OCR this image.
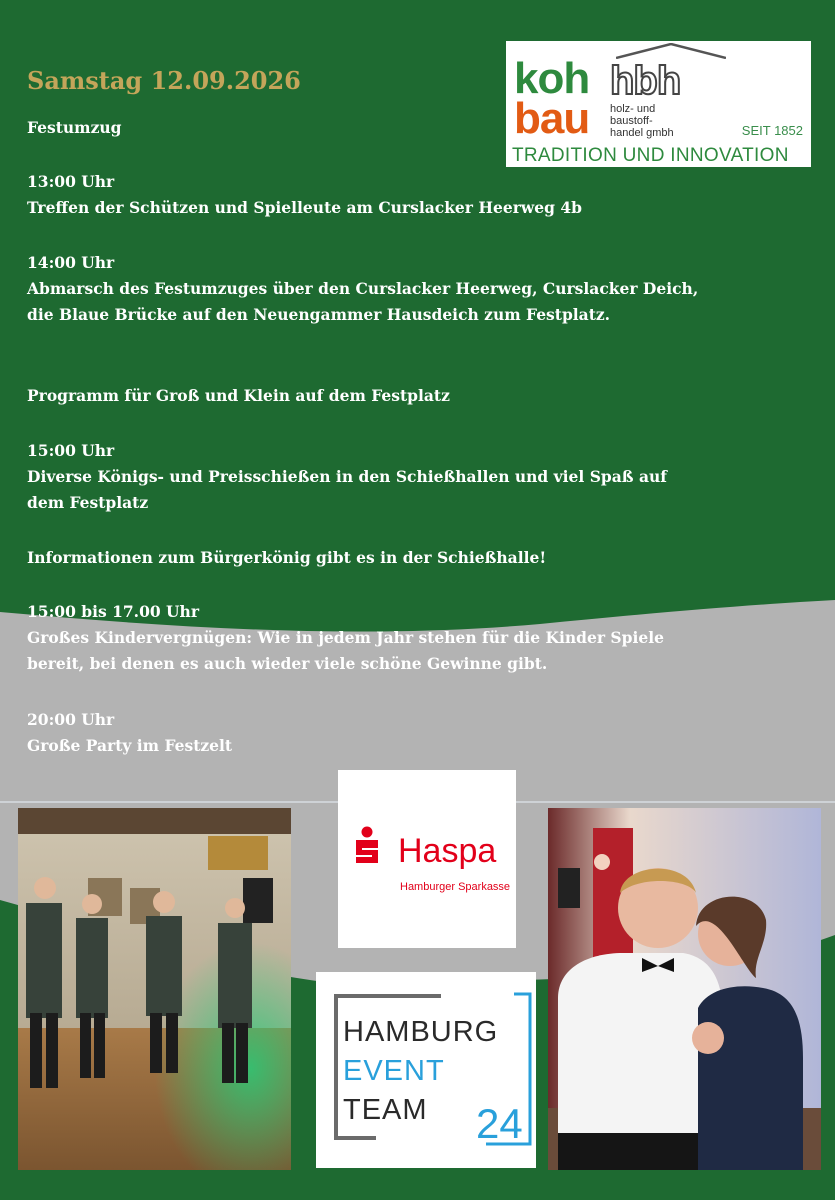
Samstag 12.09.2026
Festumzug
13:00 Uhr
Treffen der Schützen und Spielleute am Curslacker Heerweg 4b
14:00 Uhr
Abmarsch des Festumzuges über den Curslacker Heerweg, Curslacker Deich,
die Blaue Brücke auf den Neuengammer Hausdeich zum Festplatz.
Programm für Groß und Klein auf dem Festplatz
15:00 Uhr
Diverse Königs- und Preisschießen in den Schießhallen und viel Spaß auf
dem Festplatz
Informationen zum Bürgerkönig gibt es in der Schießhalle!
15:00 bis 17.00 Uhr
Großes Kindervergnügen: Wie in jedem Jahr stehen für die Kinder Spiele
bereit, bei denen es auch wieder viele schöne Gewinne gibt.
20:00 Uhr
Große Party im Festzelt
koh hbh
bau holz- und
baustoff-
handel gmbh	SEIT 1852
TRADITION UND INNOVATION
Haspa
Hamburger Sparkasse
HAMBURG
EVENT
TEAM 24
